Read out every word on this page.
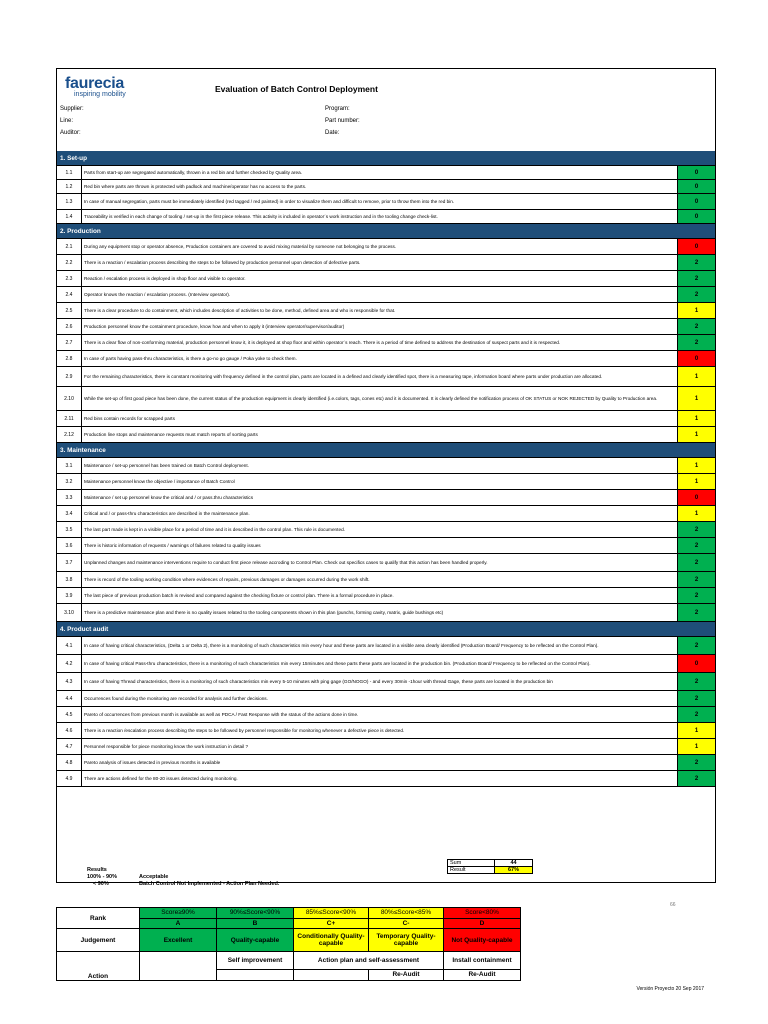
faurecia
inspiring mobility
Evaluation of Batch Control Deployment
Supplier:
Line:
Auditor:
Program:
Part number:
Date:
1. Set-up
1.1	Parts from start-up are segregated automatically, thrown in a red bin and further checked by Quality area.	0
1.2	Red bin where parts are thrown is protected with padlock and machine/operator has no access to the parts.	0
1.3	In case of manual segregation, parts must be immediately identified (red tagged / red painted) in order to visualize them and difficult to remove, prior to throw them into the red bin.	0
1.4	Traceability is verified in each change of tooling / set-up in the first piece release. This activity is included in operator´s work instruction and in the tooling change check-list.	0
2. Production
2.1	During any equipment stop or operator absence, Production containers are covered to avoid mixing material by someone not belonging to the process.	0
2.2	There is a reaction / escalation process describing the steps to be followed by production personnel upon detection of defective parts.	2
2.3	Reaction / escalation process is deployed in shop floor and visible to operator.	2
2.4	Operator knows the reaction / escalation process. (Interview operator).	2
2.5	There is a clear procedure to do containment, which includes description of activities to be done, method, defined area and who is responsible for that.	1
2.6	Production personnel know the containment procedure, know how and when to apply it (interview operator/supervisor/auditor)	2
2.7	There is a clear flow of non-conforming material, production personnel know it, it is deployed at shop floor and within operator´s reach. There is a period of time defined to address the destination of suspect parts and it is respected.	2
2.8	In case of parts having pass-thru characteristics, is there a go-no go gauge / Poka yoke to check them.	0
2.9	For the remaining characteristics, there is constant monitoring with frequency defined in the control plan, parts are located in a defined and clearly identified spot, there is a measuring tape, information board where parts under production are allocated.	1
2.10	While the set-up of first good piece has been done, the current status of the production equipment is clearly identified (i.e.colors, tags, cones etc) and it is documented. It is clearly defined the notification process of OK STATUS or NOK REJECTED by Quality to Production area.	1
2.11	Red bins contain records for scrapped parts	1
2.12	Production line stops and maintenance requests must match reports of sorting parts	1
3. Maintenance
3.1	Maintenance / set-up personnel has been trained on Batch Control deployment.	1
3.2	Maintenance personnel know the objective / importance of Batch Control	1
3.3	Maintenance / set up personnel know the critical and / or pass.thru characteristics	0
3.4	Critical and / or pass-thru characteristics are described in the maintenance plan.	1
3.5	The last part made is kept in a visible place for a period of time and it is described in the control plan. This rule is documented.	2
3.6	There is historic information of requests / warnings of failures related to quality issues	2
3.7	Unplanned changes and maintenance interventions require to conduct first piece release accroding to Control Plan. Check out specifics cases to qualify that this action has been handled properly.	2
3.8	There is record of the tooling working condition where evidences of repairs, previous damages or damages occurred during the work shift.	2
3.9	The last piece of previous production batch is revised and compared against the checking fixture or control plan. There is a formal procedure in place.	2
3.10	There is a predictive maintenance plan and there is no quality issues related to the tooling components shown in this plan (punchs, forming cavity, matrix, guide bushings etc)	2
4. Product audit
4.1	In case of having critical characteristics, (Delta 1 or Delta 2), there is a monitoring of such characteristics min every hour and these parts are located in a visible area clearly identified (Production Board/ Frequency to be reflected on the Control Plan).	2
4.2	In case of having critical Pass-thru characteristics, there is a monitoring of such characteristics min every 15minutes and these parts these parts are located in the production bin. (Production Board/ Frequency to be reflected on the Control Plan).	0
4.3	In case of having Thread characteristics, there is a monitoring of such characteristics min every 5-10 minutes with ping gage (GO/NOGO) - and every 30min -1hour with thread Gage, these parts are located in the production bin	2
4.4	Occurrences found during the monitoring are recorded for analysis and further decisions.	2
4.5	Pareto of occurrences from previous month is available as well as PDCA / Fast Response with the status of the actions done in time.	2
4.6	There is a reaction /escalation process describing the steps to be followed by personnel responsible for monitoring whenever a defective piece is detected.	1
4.7	Personnel responsible for piece monitoring know the work instruction in detail ?	1
4.8	Pareto analysis of issues detected in previous months is available	2
4.9	There are actions defined for the 80-20 issues detected during monitoring.	2
Results
100% - 90%	Acceptable
< 90%	Batch Control Not Implemented - Action Plan Needed.
Sum	44
Result	67%
66
Rank	Score≥90%	90%≤Score<90%	85%≤Score<90%	80%≤Score<85%	Score<80%
	A	B	C+	C-	D
Judgement	Excellent	Quality-capable	Conditionally Quality-capable	Temporary Quality-capable	Not Quality-capable
Action		Self improvement	Action plan and self-assessment		Install containment
				Re-Audit	Re-Audit
Versión Proyecto 20 Sep 2017
